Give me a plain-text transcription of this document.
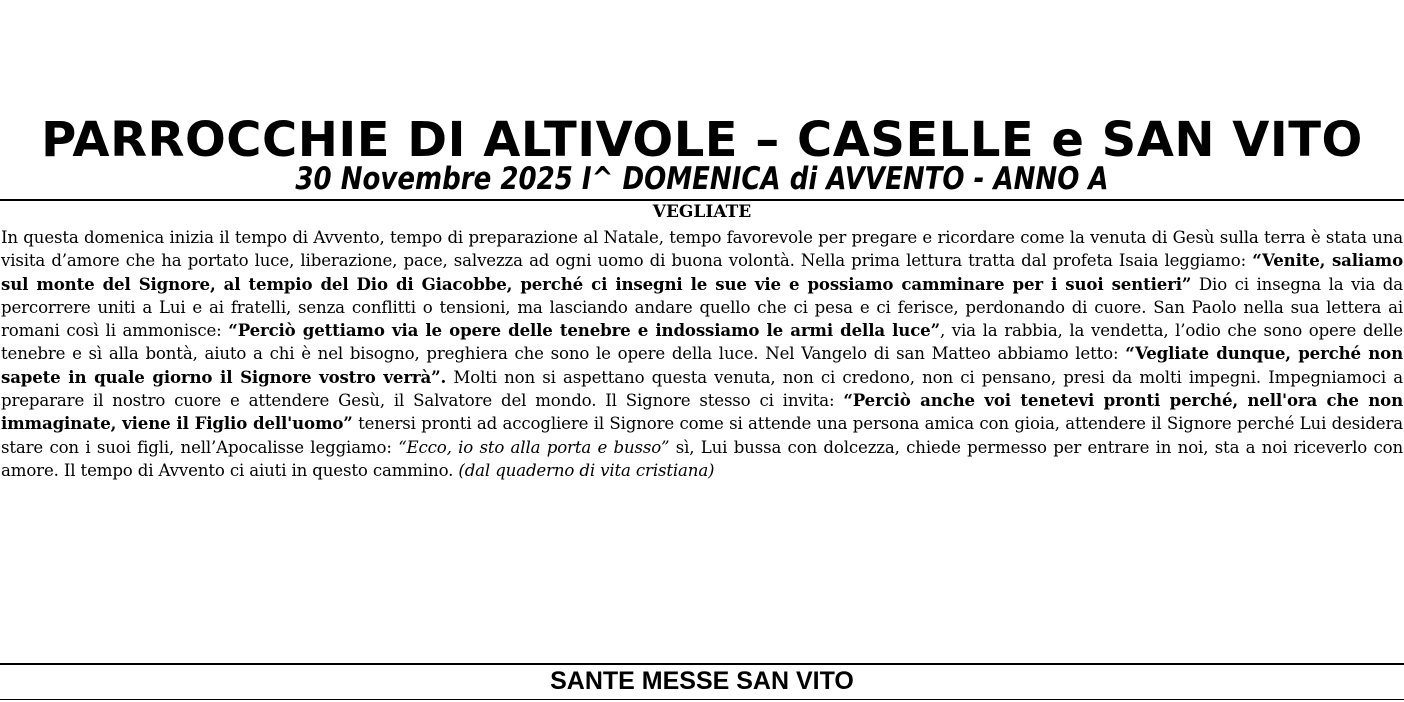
PARROCCHIE DI ALTIVOLE – CASELLE e SAN VITO
30 Novembre 2025 I^ DOMENICA di AVVENTO - ANNO A
VEGLIATE

In questa domenica inizia il tempo di Avvento, tempo di preparazione al Natale, tempo favorevole per pregare e ricordare come la venuta di Gesù sulla terra è stata una visita d’amore che ha portato luce, liberazione, pace, salvezza ad ogni uomo di buona volontà. Nella prima lettura tratta dal profeta Isaia leggiamo: “Venite, saliamo sul monte del Signore, al tempio del Dio di Giacobbe, perché ci insegni le sue vie e possiamo camminare per i suoi sentieri” Dio ci insegna la via da percorrere uniti a Lui e ai fratelli, senza conflitti o tensioni, ma lasciando andare quello che ci pesa e ci ferisce, perdonando di cuore. San Paolo nella sua lettera ai romani così li ammonisce: “Perciò gettiamo via le opere delle tenebre e indossiamo le armi della luce”, via la rabbia, la vendetta, l’odio che sono opere delle tenebre e sì alla bontà, aiuto a chi è nel bisogno, preghiera che sono le opere della luce. Nel Vangelo di san Matteo abbiamo letto: “Vegliate dunque, perché non sapete in quale giorno il Signore vostro verrà”. Molti non si aspettano questa venuta, non ci credono, non ci pensano, presi da molti impegni. Impegniamoci a preparare il nostro cuore e attendere Gesù, il Salvatore del mondo. Il Signore stesso ci invita: “Perciò anche voi tenetevi pronti perché, nell'ora che non immaginate, viene il Figlio dell'uomo” tenersi pronti ad accogliere il Signore come si attende una persona amica con gioia, attendere il Signore perché Lui desidera stare con i suoi figli, nell’Apocalisse leggiamo: “Ecco, io sto alla porta e busso” sì, Lui bussa con dolcezza, chiede permesso per entrare in noi, sta a noi riceverlo con amore. Il tempo di Avvento ci aiuti in questo cammino. (dal quaderno di vita cristiana)

SANTE MESSE SAN VITO
